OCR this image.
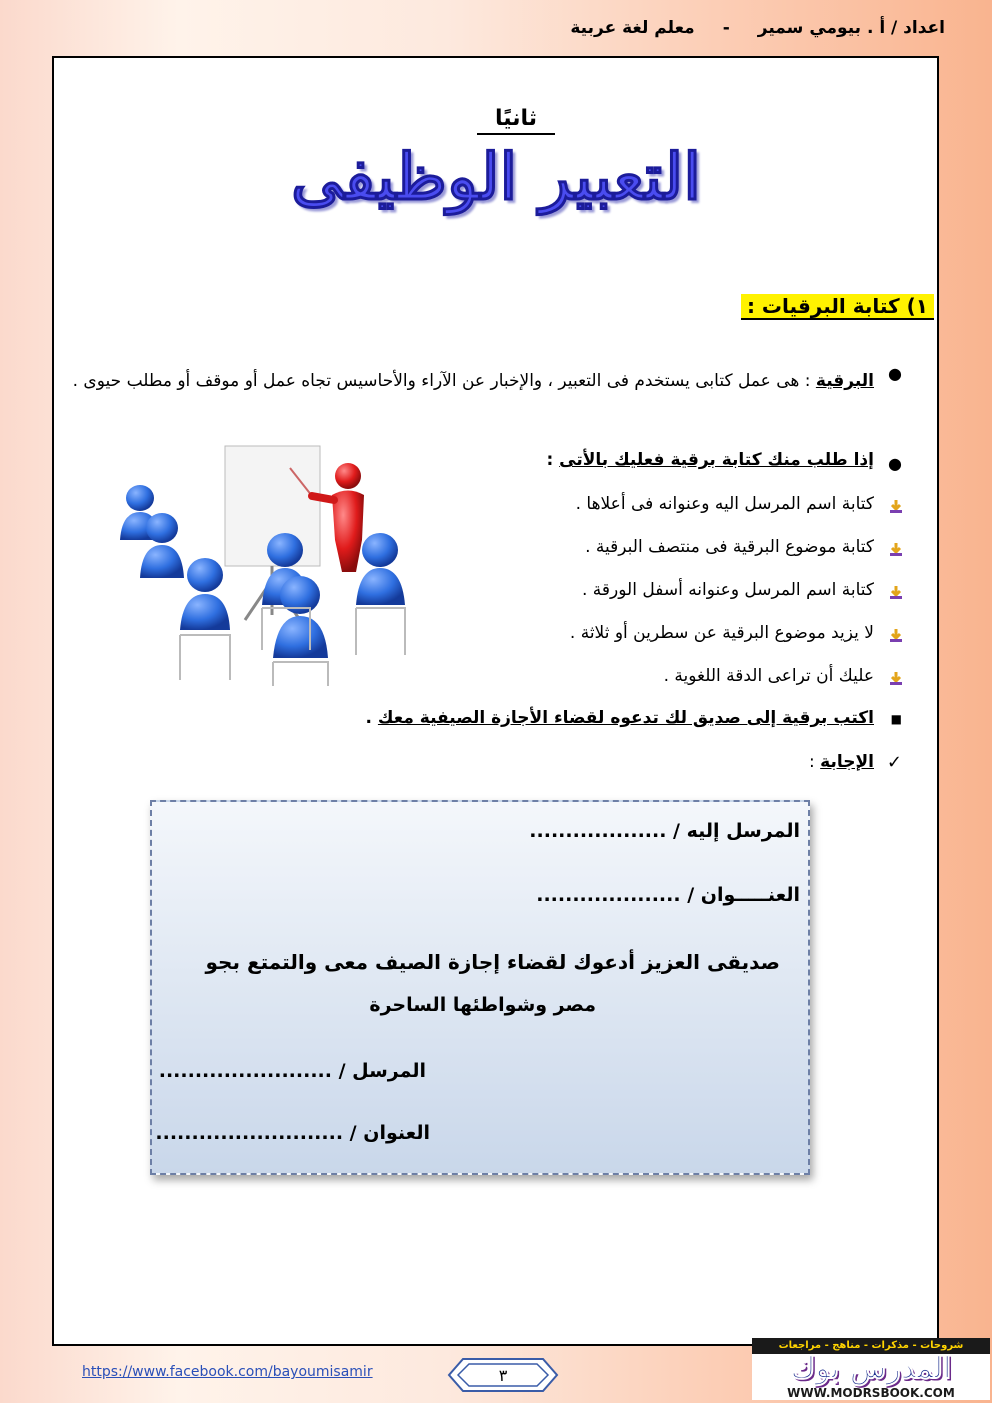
اعداد / أ . بيومي سمير
-
معلم لغة عربية
ثانيًا
التعبير الوظيفى
١) كتابة البرقيات :
●
البرقية : هى عمل كتابى يستخدم فى التعبير ، والإخبار عن الآراء والأحاسيس تجاه عمل أو موقف أو مطلب حيوى .
●
إذا طلب منك كتابة برقية فعليك بالأتى :
كتابة اسم المرسل اليه وعنوانه فى أعلاها .
كتابة موضوع البرقية فى منتصف البرقية .
كتابة اسم المرسل وعنوانه أسفل الورقة .
لا يزيد موضوع البرقية عن سطرين أو ثلاثة .
عليك أن تراعى الدقة اللغوية .
■
اكتب برقية إلى صديق لك تدعوه لقضاء الأجازة الصيفية معك .
✓
الإجابة :
المرسل إليه / ...................
العنـــــوان / ....................
صديقى العزيز أدعوك لقضاء إجازة الصيف معى والتمتع بجو
مصر وشواطئها الساحرة
المرسل / ........................
العنوان / ..........................
https://www.facebook.com/bayoumisamir	٣
شروحات - مذكرات - مناهج - مراجعات
المدرس بوك
WWW.MODRSBOOK.COM
